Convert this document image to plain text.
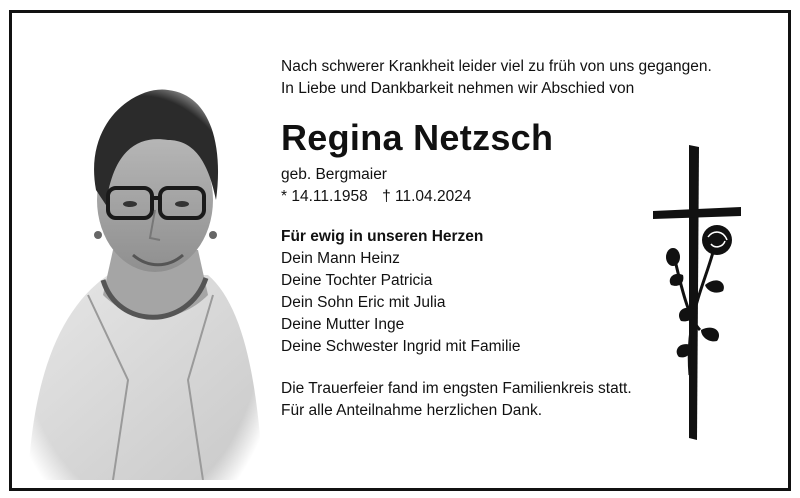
Nach schwerer Krankheit leider viel zu früh von uns gegangen.
In Liebe und Dankbarkeit nehmen wir Abschied von
Regina Netzsch
geb. Bergmaier
* 14.11.1958 † 11.04.2024
Für ewig in unseren Herzen
Dein Mann Heinz
Deine Tochter Patricia
Dein Sohn Eric mit Julia
Deine Mutter Inge
Deine Schwester Ingrid mit Familie
Die Trauerfeier fand im engsten Familienkreis statt.
Für alle Anteilnahme herzlichen Dank.
